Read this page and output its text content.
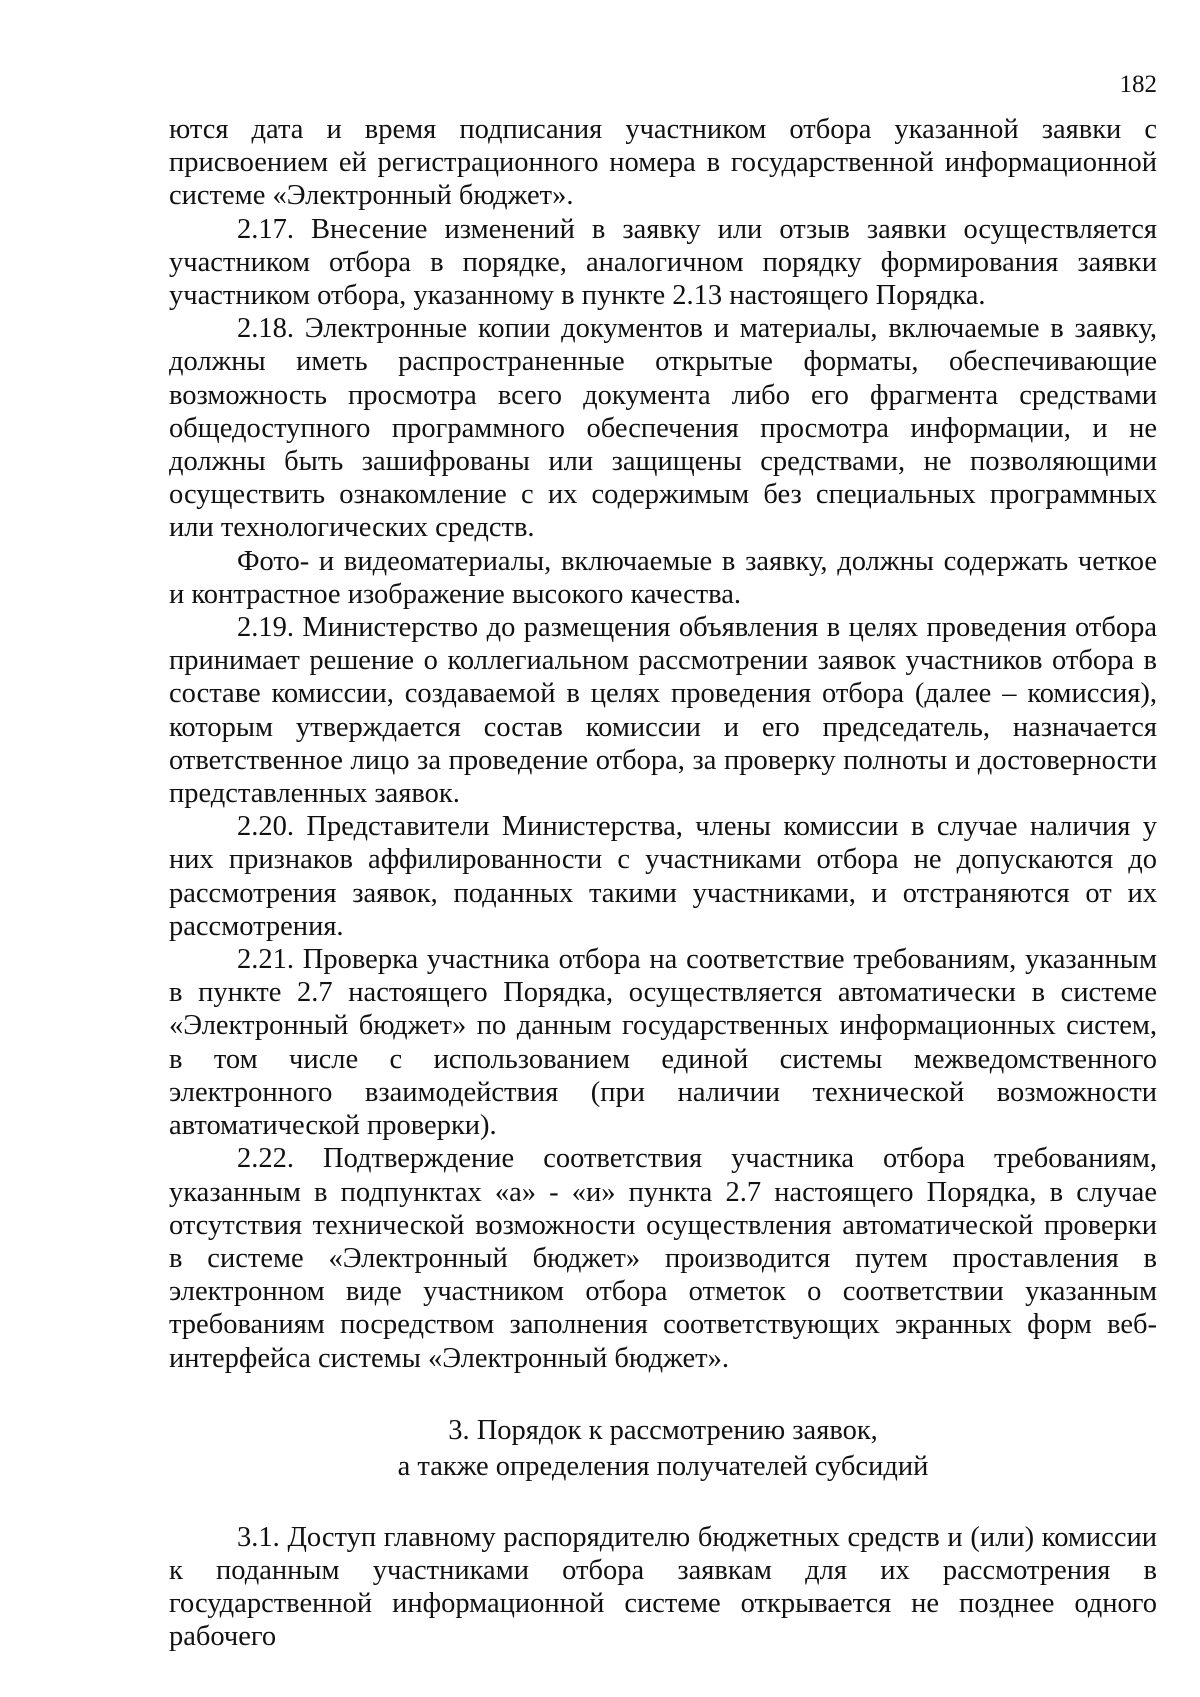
182

ются дата и время подписания участником отбора указанной заявки с присвоением ей регистрационного номера в государственной информационной системе «Электронный бюджет».

2.17. Внесение изменений в заявку или отзыв заявки осуществляется участником отбора в порядке, аналогичном порядку формирования заявки участником отбора, указанному в пункте 2.13 настоящего Порядка.

2.18. Электронные копии документов и материалы, включаемые в заявку, должны иметь распространенные открытые форматы, обеспечивающие возможность просмотра всего документа либо его фрагмента средствами общедоступного программного обеспечения просмотра информации, и не должны быть зашифрованы или защищены средствами, не позволяющими осуществить ознакомление с их содержимым без специальных программных или технологических средств.

Фото- и видеоматериалы, включаемые в заявку, должны содержать четкое и контрастное изображение высокого качества.

2.19. Министерство до размещения объявления в целях проведения отбора принимает решение о коллегиальном рассмотрении заявок участников отбора в составе комиссии, создаваемой в целях проведения отбора (далее – комиссия), которым утверждается состав комиссии и его председатель, назначается ответственное лицо за проведение отбора, за проверку полноты и достоверности представленных заявок.

2.20. Представители Министерства, члены комиссии в случае наличия у них признаков аффилированности с участниками отбора не допускаются до рассмотрения заявок, поданных такими участниками, и отстраняются от их рассмотрения.

2.21. Проверка участника отбора на соответствие требованиям, указанным в пункте 2.7 настоящего Порядка, осуществляется автоматически в системе «Электронный бюджет» по данным государственных информационных систем, в том числе с использованием единой системы межведомственного электронного взаимодействия (при наличии технической возможности автоматической проверки).

2.22. Подтверждение соответствия участника отбора требованиям, указанным в подпунктах «а» - «и» пункта 2.7 настоящего Порядка, в случае отсутствия технической возможности осуществления автоматической проверки в системе «Электронный бюджет» производится путем проставления в электронном виде участником отбора отметок о соответствии указанным требованиям посредством заполнения соответствующих экранных форм веб-интерфейса системы «Электронный бюджет».

3. Порядок к рассмотрению заявок,
а также определения получателей субсидий

3.1. Доступ главному распорядителю бюджетных средств и (или) комиссии к поданным участниками отбора заявкам для их рассмотрения в государственной информационной системе открывается не позднее одного рабочего
